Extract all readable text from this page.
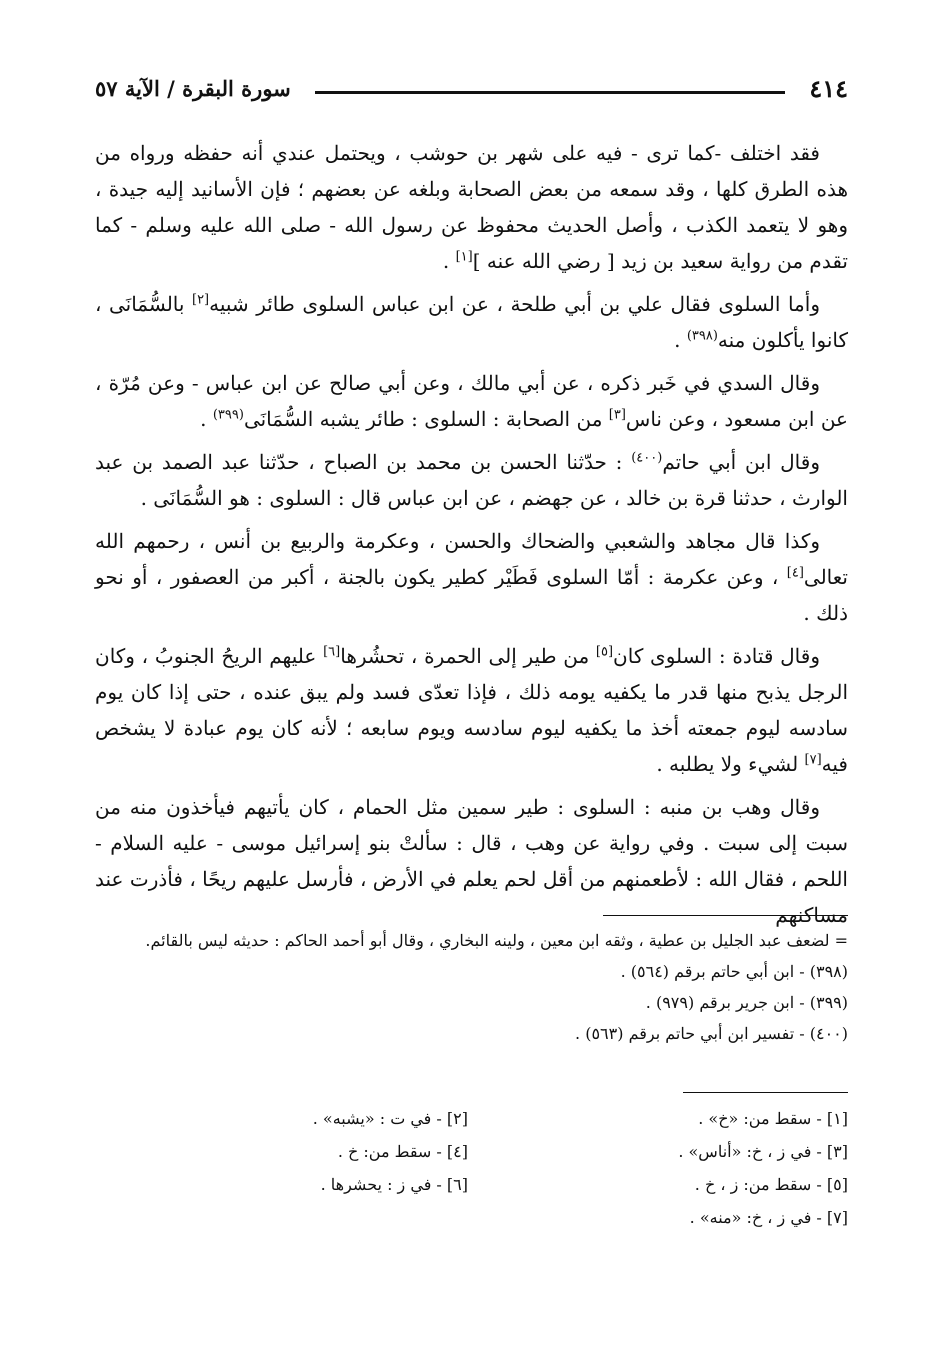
٤١٤
سورة البقرة / الآية ٥٧

فقد اختلف -كما ترى - فيه على شهر بن حوشب ، ويحتمل عندي أنه حفظه ورواه من هذه الطرق كلها ، وقد سمعه من بعض الصحابة وبلغه عن بعضهم ؛ فإن الأسانيد إليه جيدة ، وهو لا يتعمد الكذب ، وأصل الحديث محفوظ عن رسول الله - صلى الله عليه وسلم - كما تقدم من رواية سعيد بن زيد [ رضي الله عنه ][١] .

وأما السلوى فقال علي بن أبي طلحة ، عن ابن عباس السلوى طائر شبيه[٢] بالسُّمَانَى ، كانوا يأكلون منه$^{(٣٩٨)}$ .

وقال السدي في خَبر ذكره ، عن أبي مالك ، وعن أبي صالح عن ابن عباس - وعن مُرّة ، عن ابن مسعود ، وعن ناس[٣] من الصحابة : السلوى : طائر يشبه السُّمَانَى$^{(٣٩٩)}$ .

وقال ابن أبي حاتم$^{(٤٠٠)}$ : حدّثنا الحسن بن محمد بن الصباح ، حدّثنا عبد الصمد بن عبد الوارث ، حدثنا قرة بن خالد ، عن جهضم ، عن ابن عباس قال : السلوى : هو السُّمَانَى .

وكذا قال مجاهد والشعبي والضحاك والحسن ، وعكرمة والربيع بن أنس ، رحمهم الله تعالى[٤] ، وعن عكرمة : أمّا السلوى فَطَيْر كطير يكون بالجنة ، أكبر من العصفور ، أو نحو ذلك .

وقال قتادة : السلوى كان[٥] من طير إلى الحمرة ، تحشُرها[٦] عليهم الريحُ الجنوبُ ، وكان الرجل يذبح منها قدر ما يكفيه يومه ذلك ، فإذا تعدّى فسد ولم يبق عنده ، حتى إذا كان يوم سادسه ليوم جمعته أخذ ما يكفيه ليوم سادسه ويوم سابعه ؛ لأنه كان يوم عبادة لا يشخص فيه[٧] لشيء ولا يطلبه .

وقال وهب بن منبه : السلوى : طير سمين مثل الحمام ، كان يأتيهم فيأخذون منه من سبت إلى سبت . وفي رواية عن وهب ، قال : سألتْ بنو إسرائيل موسى - عليه السلام - اللحم ، فقال الله : لأطعمنهم من أقل لحم يعلم في الأرض ، فأرسل عليهم ريحًا ، فأذرت عند مساكنهم

= لضعف عبد الجليل بن عطية ، وثقه ابن معين ، ولينه البخاري ، وقال أبو أحمد الحاكم : حديثه ليس بالقائم.
(٣٩٨) - ابن أبي حاتم برقم (٥٦٤) .
(٣٩٩) - ابن جرير برقم (٩٧٩) .
(٤٠٠) - تفسير ابن أبي حاتم برقم (٥٦٣) .
[١] - سقط من: «خ» .
[٣] - في ز ، خ: «أناس» .
[٥] - سقط من: ز ، خ .
[٧] - في ز ، خ: «منه» .
[٢] - في ت : «يشبه» .
[٤] - سقط من: خ .
[٦] - في ز : يحشرها .
